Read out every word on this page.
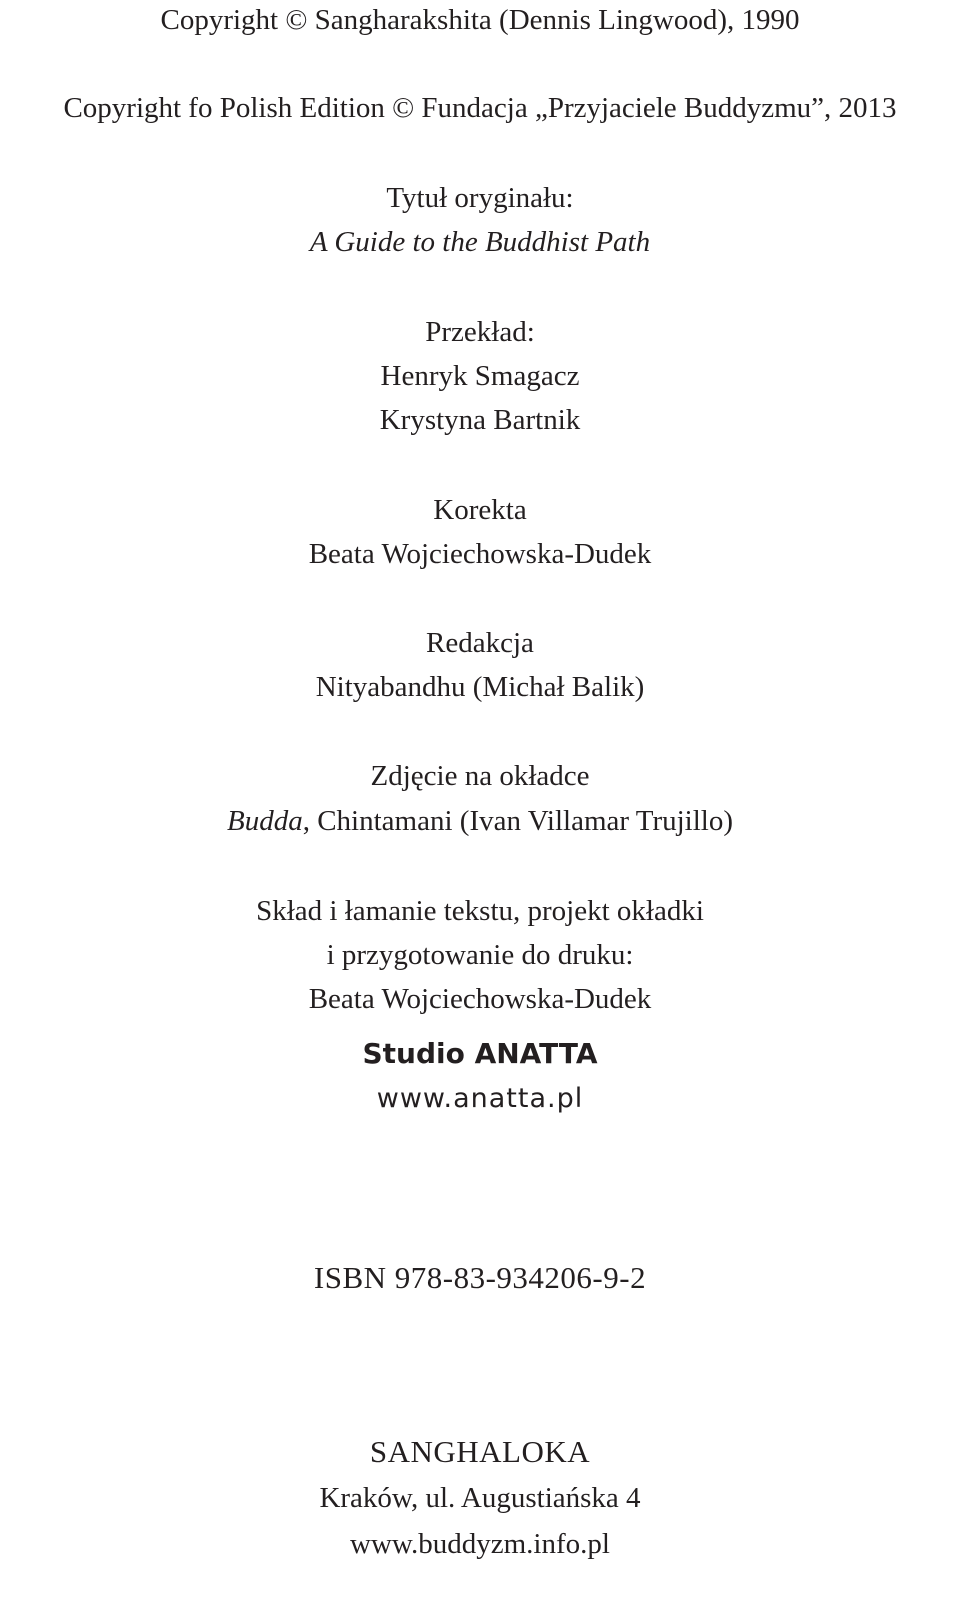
Copyright © Sangharakshita (Dennis Lingwood), 1990
Copyright fo Polish Edition © Fundacja „Przyjaciele Buddyzmu”, 2013
Tytuł oryginału:
A Guide to the Buddhist Path
Przekład:
Henryk Smagacz
Krystyna Bartnik
Korekta
Beata Wojciechowska-Dudek
Redakcja
Nityabandhu (Michał Balik)
Zdjęcie na okładce
Budda, Chintamani (Ivan Villamar Trujillo)
Skład i łamanie tekstu, projekt okładki
i przygotowanie do druku:
Beata Wojciechowska-Dudek
Studio ANATTA
www.anatta.pl
ISBN 978-83-934206-9-2
SANGHALOKA
Kraków, ul. Augustiańska 4
www.buddyzm.info.pl
